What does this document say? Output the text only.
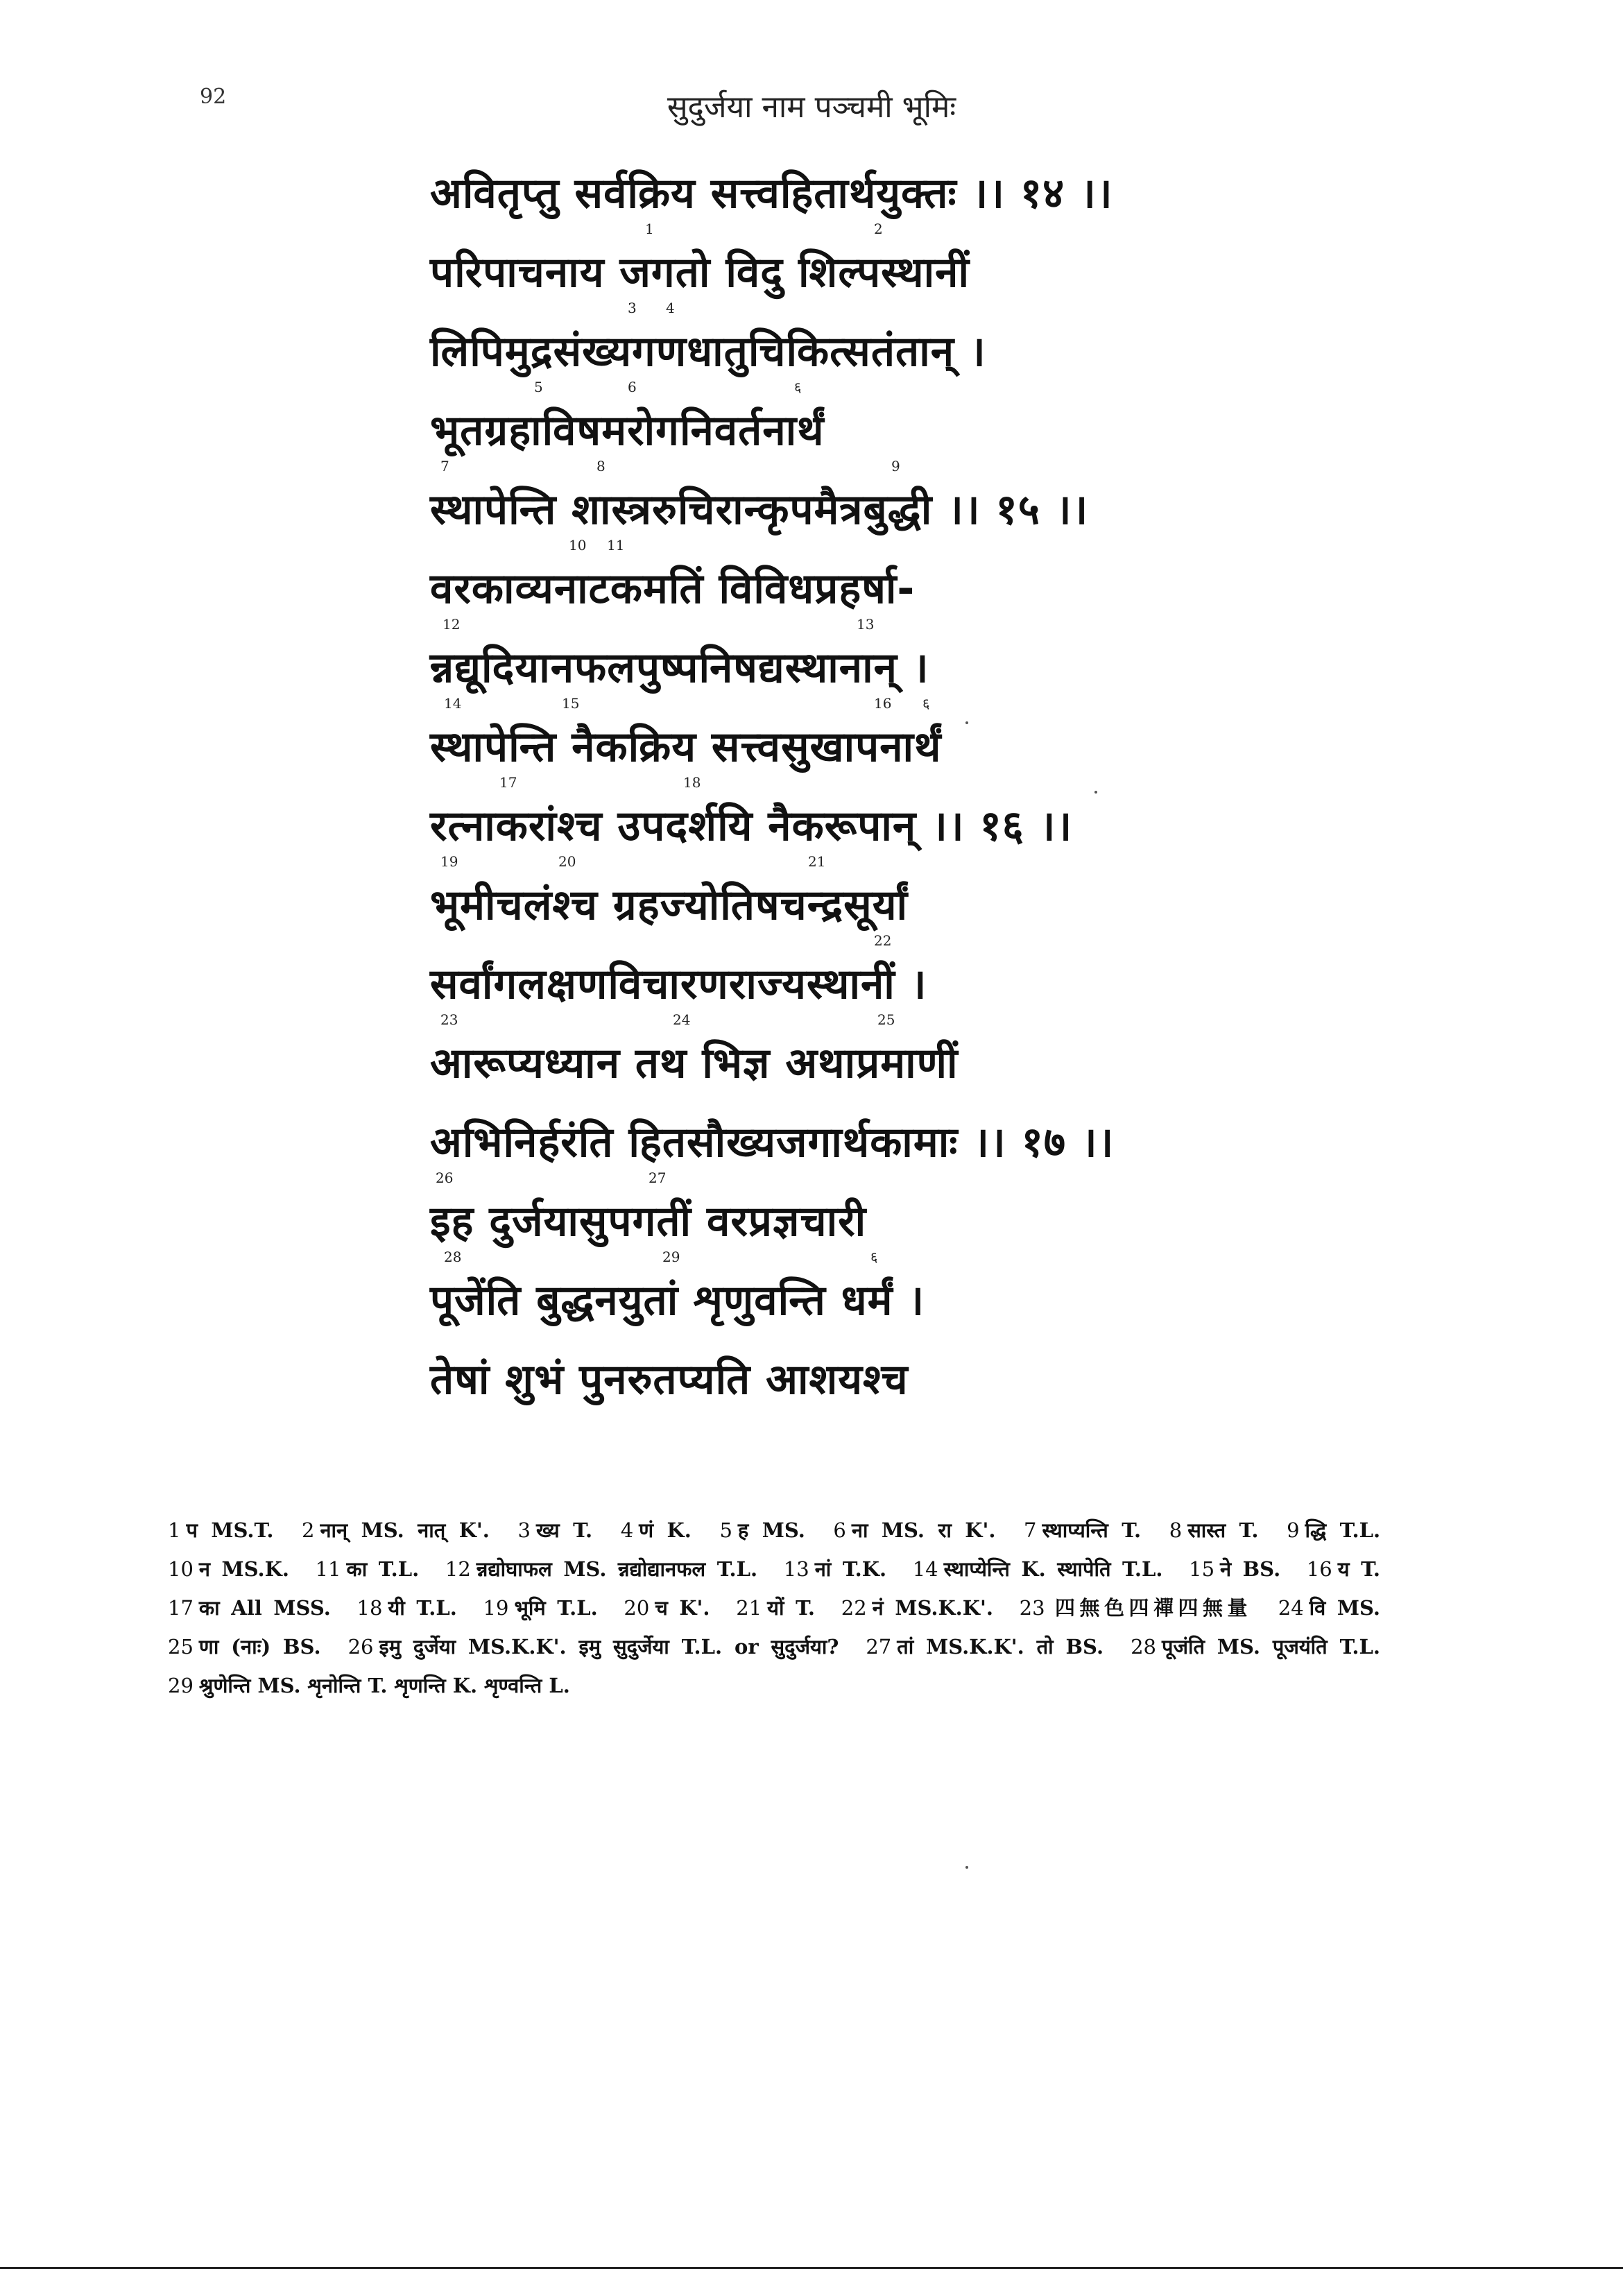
92	सुदुर्जया नाम पञ्चमी भूमिः
अवितृप्तु सर्वक्रिय सत्त्वहितार्थयुक्तः ।। १४ ।।
1	2
परिपाचनाय जगतो विदु शिल्पस्थानीं
3 4
लिपिमुद्रसंख्यगणधातुचिकित्सतंतान् ।
5	6	६
भूतग्रहाविषमरोगनिवर्तनार्थं
7	8	9
स्थापेन्ति शास्त्ररुचिरान्कृपमैत्रबुद्धी ।। १५ ।।
10 11
वरकाव्यनाटकमतिं विविधप्रहर्षा-
12	13
न्नद्यूदियानफलपुष्पनिषद्यस्थानान् ।
14	15	16 ६
स्थापेन्ति नैकक्रिय सत्त्वसुखापनार्थं
17	18
रत्नाकरांश्च उपदर्शयि नैकरूपान् ।। १६ ।।
19	20	21
भूमीचलंश्च ग्रहज्योतिषचन्द्रसूर्यां
22
सर्वांगलक्षणविचारणराज्यस्थानीं ।
23	24	25
आरूप्यध्यान तथ भिज्ञ अथाप्रमाणीं
अभिनिर्हरंति हितसौख्यजगार्थकामाः ।। १७ ।।
26	27
इह दुर्जयासुपगतीं वरप्रज्ञचारी
28	29	६
पूजेंति बुद्धनयुतां शृणुवन्ति धर्मं ।
तेषां शुभं पुनरुतप्यति आशयश्च
1 प MS.T. 2 नान् MS. नात् K'. 3 ख्य T. 4 णं K. 5 ह MS. 6 ना MS. रा K'. 7 स्थाप्यन्ति T. 8 सास्त T. 9 द्धि T.L. 10 न MS.K. 11 का T.L. 12 न्नद्योघाफल MS. न्नद्योद्यानफल T.L. 13 नां T.K. 14 स्थाप्येन्ति K. स्थापेति T.L. 15 ने BS. 16 य T. 17 का All MSS. 18 यी T.L. 19 भूमि T.L. 20 च K'. 21 यों T. 22 नं MS.K.K'. 23 四無色四禪四無量 24 वि MS. 25 णा (नाः) BS. 26 इमु दुर्जेया MS.K.K'. इमु सुदुर्जेया T.L. or सुदुर्जया? 27 तां MS.K.K'. तो BS. 28 पूजंति MS. पूजयंति T.L. 29 श्रुणेन्ति MS. शृनोन्ति T. शृणन्ति K. शृण्वन्ति L.
